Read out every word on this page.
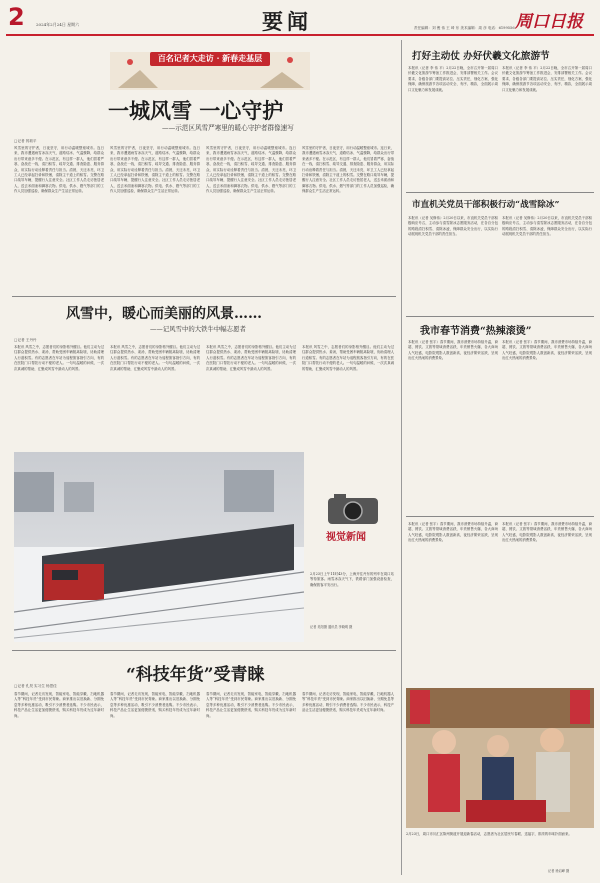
2	2024年2月24日 星期六	要闻	周口日报
责任编辑：刘 俊 伟 王 琦 东 美术编辑：周 彦 电话：6199556
百名记者大走访 · 新春走基层
一城风雪 一心守护
——示范区风雪严寒里的暖心守护者群像速写
□记者 郭莉平
风雪里的守护者，日夜坚守，用行动温暖整座城市。连日来，我市遭遇雨雪冰冻天气，道路结冰、气温骤降，给群众出行带来诸多不便。在示范区，有这样一群人，他们冒着严寒，奋战在一线，清扫积雪、疏导交通、排查隐患、服务群众，用实际行动诠释着责任与担当。清晨，天还未亮，环卫工人已经拿起扫帚和铁锹，清除主干道上的积雪。交警在路口疏导车辆，提醒行人注意安全。社区工作人员走访独居老人，送去米面油和御寒衣物。供电、供水、燃气等部门的工作人员加强巡检，确保群众生产生活正常运转。
风雪里的守护者，日夜坚守，用行动温暖整座城市。连日来，我市遭遇雨雪冰冻天气，道路结冰、气温骤降，给群众出行带来诸多不便。在示范区，有这样一群人，他们冒着严寒，奋战在一线，清扫积雪、疏导交通、排查隐患、服务群众，用实际行动诠释着责任与担当。清晨，天还未亮，环卫工人已经拿起扫帚和铁锹，清除主干道上的积雪。交警在路口疏导车辆，提醒行人注意安全。社区工作人员走访独居老人，送去米面油和御寒衣物。供电、供水、燃气等部门的工作人员加强巡检，确保群众生产生活正常运转。
风雪里的守护者，日夜坚守，用行动温暖整座城市。连日来，我市遭遇雨雪冰冻天气，道路结冰、气温骤降，给群众出行带来诸多不便。在示范区，有这样一群人，他们冒着严寒，奋战在一线，清扫积雪、疏导交通、排查隐患、服务群众，用实际行动诠释着责任与担当。清晨，天还未亮，环卫工人已经拿起扫帚和铁锹，清除主干道上的积雪。交警在路口疏导车辆，提醒行人注意安全。社区工作人员走访独居老人，送去米面油和御寒衣物。供电、供水、燃气等部门的工作人员加强巡检，确保群众生产生活正常运转。
风雪里的守护者，日夜坚守，用行动温暖整座城市。连日来，我市遭遇雨雪冰冻天气，道路结冰、气温骤降，给群众出行带来诸多不便。在示范区，有这样一群人，他们冒着严寒，奋战在一线，清扫积雪、疏导交通、排查隐患、服务群众，用实际行动诠释着责任与担当。清晨，天还未亮，环卫工人已经拿起扫帚和铁锹，清除主干道上的积雪。交警在路口疏导车辆，提醒行人注意安全。社区工作人员走访独居老人，送去米面油和御寒衣物。供电、供水、燃气等部门的工作人员加强巡检，确保群众生产生活正常运转。
风雪中，暖心而美丽的风景……
——记风雪中的大铁牛中幅志愿者
□记者 王丹丹
本报讯 风雪之中，志愿者们的身影格外醒目。他们主动为过往群众提供热水、姜汤，帮助受困车辆脱离险境，协助清理人行道积雪。有的志愿者在车站为返程旅客指引方向，有的在医院门口帮扶行动不便的老人。一句句温暖的问候，一次次真诚的帮助，汇聚成风雪中最动人的风景。
本报讯 风雪之中，志愿者们的身影格外醒目。他们主动为过往群众提供热水、姜汤，帮助受困车辆脱离险境，协助清理人行道积雪。有的志愿者在车站为返程旅客指引方向，有的在医院门口帮扶行动不便的老人。一句句温暖的问候，一次次真诚的帮助，汇聚成风雪中最动人的风景。
本报讯 风雪之中，志愿者们的身影格外醒目。他们主动为过往群众提供热水、姜汤，帮助受困车辆脱离险境，协助清理人行道积雪。有的志愿者在车站为返程旅客指引方向，有的在医院门口帮扶行动不便的老人。一句句温暖的问候，一次次真诚的帮助，汇聚成风雪中最动人的风景。
本报讯 风雪之中，志愿者们的身影格外醒目。他们主动为过往群众提供热水、姜汤，帮助受困车辆脱离险境，协助清理人行道积雪。有的志愿者在车站为返程旅客指引方向，有的在医院门口帮扶行动不便的老人。一句句温暖的问候，一次次真诚的帮助，汇聚成风雪中最动人的风景。
视觉新闻
2月23日上午11时43分，上海开往丹东的列车在周口站等待旅客。雨雪冰冻天气下，铁路部门加强设备检查，确保旅客平安出行。
记者 吴阳摄 通讯员 李晓明 摄
“科技年货”受青睐
□记者 孔昊 实习生 杨思佳
春节期间，记者走访发现，智能家电、智能穿戴、扫地机器人等“科技年货”受到市民青睐。商家推出以旧换新、分期免息等多种优惠活动，吸引不少消费者选购。不少市民表示，科技产品让生活更加便捷舒适，购买科技年货成为过年新时尚。
春节期间，记者走访发现，智能家电、智能穿戴、扫地机器人等“科技年货”受到市民青睐。商家推出以旧换新、分期免息等多种优惠活动，吸引不少消费者选购。不少市民表示，科技产品让生活更加便捷舒适，购买科技年货成为过年新时尚。
春节期间，记者走访发现，智能家电、智能穿戴、扫地机器人等“科技年货”受到市民青睐。商家推出以旧换新、分期免息等多种优惠活动，吸引不少消费者选购。不少市民表示，科技产品让生活更加便捷舒适，购买科技年货成为过年新时尚。
春节期间，记者走访发现，智能家电、智能穿戴、扫地机器人等“科技年货”受到市民青睐。商家推出以旧换新、分期免息等多种优惠活动，吸引不少消费者选购。不少市民表示，科技产品让生活更加便捷舒适，购买科技年货成为过年新时尚。
打好主动仗 办好伏羲文化旅游节
本报讯（记者 李 伟 平）2月22日晚，全市召开第一届周口伏羲文化旅游节筹备工作推进会，安排部署相关工作。会议要求，各级各部门要提高站位、压实责任，细化方案、强化保障，确保旅游节各项活动安全、有序、精彩，全面展示周口文化魅力和发展成就。
本报讯（记者 李 伟 平）2月22日晚，全市召开第一届周口伏羲文化旅游节筹备工作推进会，安排部署相关工作。会议要求，各级各部门要提高站位、压实责任，细化方案、强化保障，确保旅游节各项活动安全、有序、精彩，全面展示周口文化魅力和发展成就。
市直机关党员干部积极行动“战雪除冰”
本报讯（记者 吴修伟）2月20日以来，市直机关党员干部积极响应号召，主动参与清雪除冰志愿服务活动，在各自分包的路段清扫积雪、清除冰凌，保障群众安全出行，以实际行动展现机关党员干部的责任担当。
本报讯（记者 吴修伟）2月20日以来，市直机关党员干部积极响应号召，主动参与清雪除冰志愿服务活动，在各自分包的路段清扫积雪、清除冰凌，保障群众安全出行，以实际行动展现机关党员干部的责任担当。
我市春节消费“热辣滚烫”
本报讯（记者 张宇）春节期间，我市消费市场持续升温，商超、餐饮、文旅等领域消费活跃，年货销售火爆，各大商场人气旺盛，电影院观影人数创新高，夜经济繁荣活跃，呈现出红火热闹的消费景象。
本报讯（记者 张宇）春节期间，我市消费市场持续升温，商超、餐饮、文旅等领域消费活跃，年货销售火爆，各大商场人气旺盛，电影院观影人数创新高，夜经济繁荣活跃，呈现出红火热闹的消费景象。
本报讯（记者 张宇）春节期间，我市消费市场持续升温，商超、餐饮、文旅等领域消费活跃，年货销售火爆，各大商场人气旺盛，电影院观影人数创新高，夜经济繁荣活跃，呈现出红火热闹的消费景象。
本报讯（记者 张宇）春节期间，我市消费市场持续升温，商超、餐饮、文旅等领域消费活跃，年货销售火爆，各大商场人气旺盛，电影院观影人数创新高，夜经济繁荣活跃，呈现出红火热闹的消费景象。
2月23日，周口市川汇区陈州街道开展迎新春活动，志愿者为社区居民写春联、送福字，浓浓的年味扑面而来。
记者 徐启峰 摄
